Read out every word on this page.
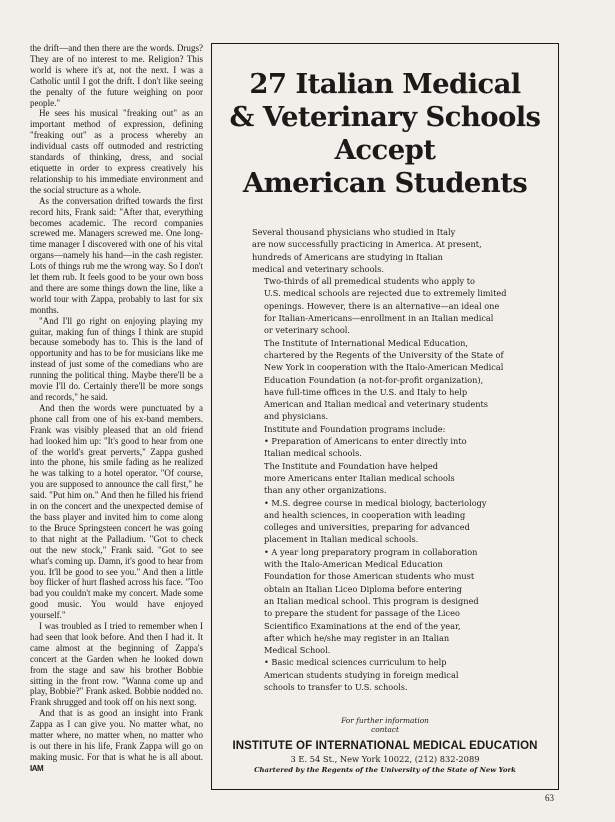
the drift—and then there are the words. Drugs? They are of no interest to me. Religion? This world is where it's at, not the next. I was a Catholic until I got the drift. I don't like seeing the penalty of the future weighing on poor people."

He sees his musical "freaking out" as an important method of expression, defining "freaking out" as a process whereby an individual casts off outmoded and restricting standards of thinking, dress, and social etiquette in order to express creatively his relationship to his immediate environment and the social structure as a whole.

As the conversation drifted towards the first record hits, Frank said: "After that, everything becomes academic. The record companies screwed me. Managers screwed me. One long-time manager I discovered with one of his vital organs—namely his hand—in the cash register. Lots of things rub me the wrong way. So I don't let them rub. It feels good to be your own boss and there are some things down the line, like a world tour with Zappa, probably to last for six months.

"And I'll go right on enjoying playing my guitar, making fun of things I think are stupid because somebody has to. This is the land of opportunity and has to be for musicians like me instead of just some of the comedians who are running the political thing. Maybe there'll be a movie I'll do. Certainly there'll be more songs and records," he said.

And then the words were punctuated by a phone call from one of his ex-band members. Frank was visibly pleased that an old friend had looked him up: "It's good to hear from one of the world's great perverts," Zappa gushed into the phone, his smile fading as he realized he was talking to a hotel operator. "Of course, you are supposed to announce the call first," he said. "Put him on." And then he filled his friend in on the concert and the unexpected demise of the bass player and invited him to come along to the Bruce Springsteen concert he was going to that night at the Palladium. "Got to check out the new stock," Frank said. "Got to see what's coming up. Damn, it's good to hear from you. It'll be good to see you." And then a little boy flicker of hurt flashed across his face. "Too bad you couldn't make my concert. Made some good music. You would have enjoyed yourself."

I was troubled as I tried to remember when I had seen that look before. And then I had it. It came almost at the beginning of Zappa's concert at the Garden when he looked down from the stage and saw his brother Bobbie sitting in the front row. "Wanna come up and play, Bobbie?" Frank asked. Bobbie nodded no. Frank shrugged and took off on his next song.

And that is as good an insight into Frank Zappa as I can give you. No matter what, no matter where, no matter when, no matter who is out there in his life, Frank Zappa will go on making music. For that is what he is all about. IAM

27 Italian Medical
& Veterinary Schools
Accept
American Students

Several thousand physicians who studied in Italy
are now successfully practicing in America. At present,
hundreds of Americans are studying in Italian
medical and veterinary schools.

Two-thirds of all premedical students who apply to
U.S. medical schools are rejected due to extremely limited
openings. However, there is an alternative—an ideal one
for Italian-Americans—enrollment in an Italian medical
or veterinary school.

The Institute of International Medical Education,
chartered by the Regents of the University of the State of
New York in cooperation with the Italo-American Medical
Education Foundation (a not-for-profit organization),
have full-time offices in the U.S. and Italy to help
American and Italian medical and veterinary students
and physicians.

Institute and Foundation programs include:

• Preparation of Americans to enter directly into
Italian medical schools.
The Institute and Foundation have helped
more Americans enter Italian medical schools
than any other organizations.

• M.S. degree course in medical biology, bacteriology
and health sciences, in cooperation with leading
colleges and universities, preparing for advanced
placement in Italian medical schools.

• A year long preparatory program in collaboration
with the Italo-American Medical Education
Foundation for those American students who must
obtain an Italian Liceo Diploma before entering
an Italian medical school. This program is designed
to prepare the student for passage of the Liceo
Scientifico Examinations at the end of the year,
after which he/she may register in an Italian
Medical School.

• Basic medical sciences curriculum to help
American students studying in foreign medical
schools to transfer to U.S. schools.

For further information
contact
INSTITUTE OF INTERNATIONAL MEDICAL EDUCATION
3 E. 54 St., New York 10022, (212) 832-2089
Chartered by the Regents of the University of the State of New York
63
